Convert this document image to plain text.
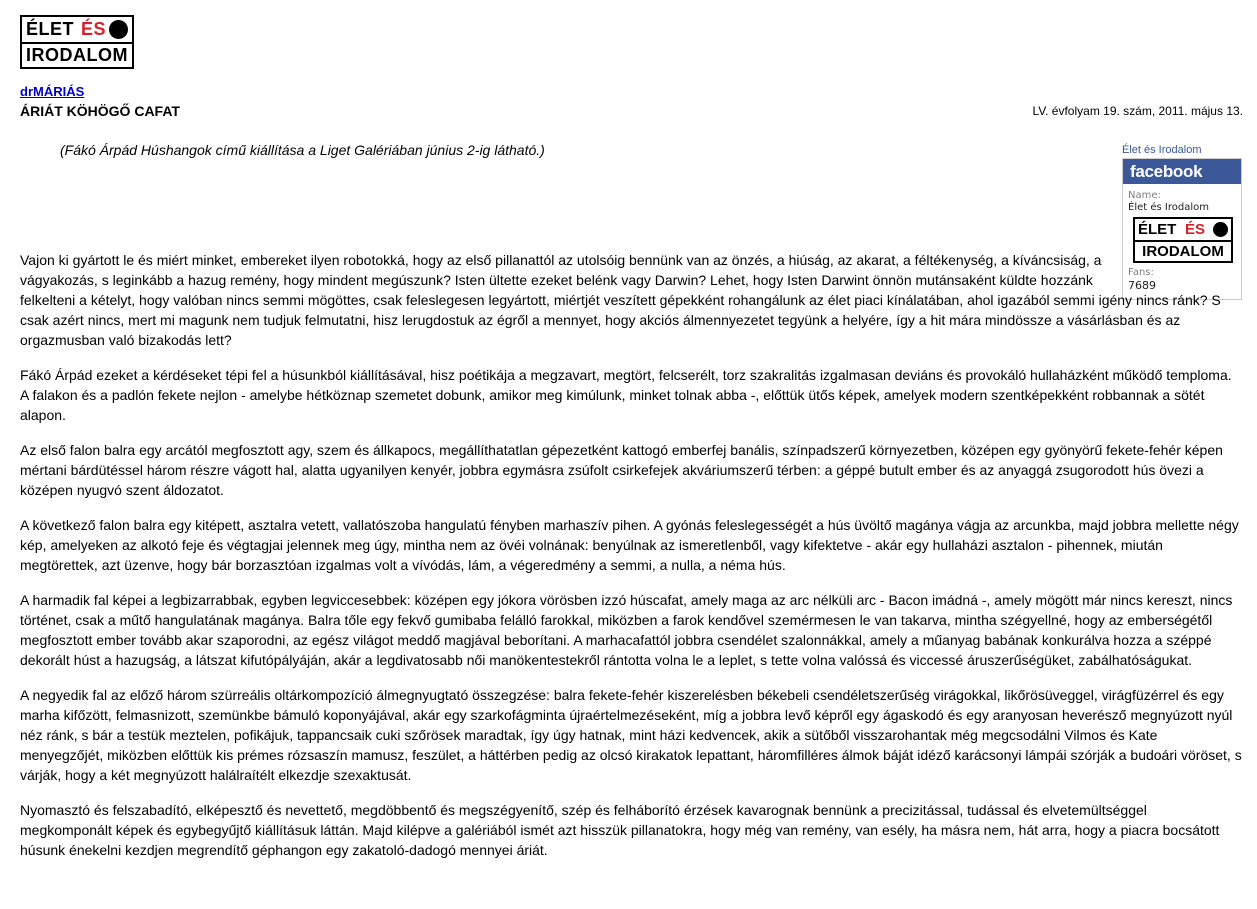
ÉLET ÉS
IRODALOM
drMÁRIÁS
ÁRIÁT KÖHÖGŐ CAFAT	LV. évfolyam 19. szám, 2011. május 13.
(Fákó Árpád Húshangok című kiállítása a Liget Galériában június 2-ig látható.)	Élet és Irodalom
facebook
Name:
Élet és Irodalom
ÉLET ÉS
IRODALOM
Fans:
7689

Vajon ki gyártott le és miért minket, embereket ilyen robotokká, hogy az első pillanattól az utolsóig bennünk van az önzés, a hiúság, az akarat, a féltékenység, a kíváncsiság, a vágyakozás, s leginkább a hazug remény, hogy mindent megúszunk? Isten ültette ezeket belénk vagy Darwin? Lehet, hogy Isten Darwint önnön mutánsaként küldte hozzánk felkelteni a kételyt, hogy valóban nincs semmi mögöttes, csak feleslegesen legyártott, miértjét veszített gépekként rohangálunk az élet piaci kínálatában, ahol igazából semmi igény nincs ránk? S csak azért nincs, mert mi magunk nem tudjuk felmutatni, hisz lerugdostuk az égről a mennyet, hogy akciós álmennyezetet tegyünk a helyére, így a hit mára mindössze a vásárlásban és az orgazmusban való bizakodás lett?

Fákó Árpád ezeket a kérdéseket tépi fel a húsunkból kiállításával, hisz poétikája a megzavart, megtört, felcserélt, torz szakralitás izgalmasan deviáns és provokáló hullaházként működő temploma. A falakon és a padlón fekete nejlon - amelybe hétköznap szemetet dobunk, amikor meg kimúlunk, minket tolnak abba -, előttük ütős képek, amelyek modern szentképekként robbannak a sötét alapon.

Az első falon balra egy arcától megfosztott agy, szem és állkapocs, megállíthatatlan gépezetként kattogó emberfej banális, színpadszerű környezetben, középen egy gyönyörű fekete-fehér képen mértani bárdütéssel három részre vágott hal, alatta ugyanilyen kenyér, jobbra egymásra zsúfolt csirkefejek akváriumszerű térben: a géppé butult ember és az anyaggá zsugorodott hús övezi a középen nyugvó szent áldozatot.

A következő falon balra egy kitépett, asztalra vetett, vallatószoba hangulatú fényben marhaszív pihen. A gyónás feleslegességét a hús üvöltő magánya vágja az arcunkba, majd jobbra mellette négy kép, amelyeken az alkotó feje és végtagjai jelennek meg úgy, mintha nem az övéi volnának: benyúlnak az ismeretlenből, vagy kifektetve - akár egy hullaházi asztalon - pihennek, miután megtörettek, azt üzenve, hogy bár borzasztóan izgalmas volt a vívódás, lám, a végeredmény a semmi, a nulla, a néma hús.

A harmadik fal képei a legbizarrabbak, egyben legviccesebbek: középen egy jókora vörösben izzó húscafat, amely maga az arc nélküli arc - Bacon imádná -, amely mögött már nincs kereszt, nincs történet, csak a műtő hangulatának magánya. Balra tőle egy fekvő gumibaba felálló farokkal, miközben a farok kendővel szemérmesen le van takarva, mintha szégyellné, hogy az emberségétől megfosztott ember tovább akar szaporodni, az egész világot meddő magjával beborítani. A marhacafattól jobbra csendélet szalonnákkal, amely a műanyag babának konkurálva hozza a széppé dekorált húst a hazugság, a látszat kifutópályáján, akár a legdivatosabb női manökentestekről rántotta volna le a leplet, s tette volna valóssá és viccessé áruszerűségüket, zabálhatóságukat.

A negyedik fal az előző három szürreális oltárkompozíció álmegnyugtató összegzése: balra fekete-fehér kiszerelésben békebeli csendéletszerűség virágokkal, likőrösüveggel, virágfüzérrel és egy marha kifőzött, felmasnizott, szemünkbe bámuló koponyájával, akár egy szarkofágminta újraértelmezéseként, míg a jobbra levő képről egy ágaskodó és egy aranyosan heverésző megnyúzott nyúl néz ránk, s bár a testük meztelen, pofikájuk, tappancsaik cuki szőrösek maradtak, így úgy hatnak, mint házi kedvencek, akik a sütőből visszarohantak még megcsodálni Vilmos és Kate menyegzőjét, miközben előttük kis prémes rózsaszín mamusz, feszület, a háttérben pedig az olcsó kirakatok lepattant, háromfilléres álmok báját idéző karácsonyi lámpái szórják a budoári vöröset, s várják, hogy a két megnyúzott halálraítélt elkezdje szexaktusát.

Nyomasztó és felszabadító, elképesztő és nevettető, megdöbbentő és megszégyenítő, szép és felháborító érzések kavarognak bennünk a precizitással, tudással és elvetemültséggel megkomponált képek és egybegyűjtő kiállításuk láttán. Majd kilépve a galériából ismét azt hisszük pillanatokra, hogy még van remény, van esély, ha másra nem, hát arra, hogy a piacra bocsátott húsunk énekelni kezdjen megrendítő géphangon egy zakatoló-dadogó mennyei áriát.
